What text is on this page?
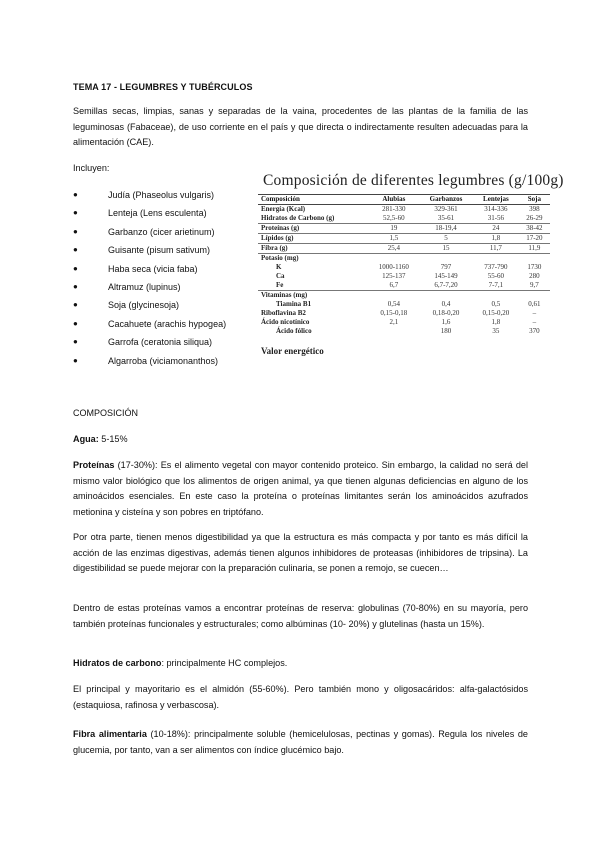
TEMA 17 - LEGUMBRES Y TUBÉRCULOS
Semillas secas, limpias, sanas y separadas de la vaina, procedentes de las plantas de la familia de las leguminosas (Fabaceae), de uso corriente en el país y que directa o indirectamente resulten adecuadas para la alimentación (CAE).
Incluyen:
●	Judía (Phaseolus vulgaris)
●	Lenteja (Lens esculenta)
●	Garbanzo (cicer arietinum)
●	Guisante (pisum sativum)
●	Haba seca (vicia faba)
●	Altramuz (lupinus)
●	Soja (glycinesoja)
●	Cacahuete (arachis hypogea)
●	Garrofa (ceratonia siliqua)
●	Algarroba (viciamonanthos)
Composición de diferentes legumbres (g/100g)
Composición	Alubias	Garbanzos	Lentejas	Soja
Energía (Kcal)	281-330	329-361	314-336	398
Hidratos de Carbono (g)	52,5-60	35-61	31-56	26-29
Proteínas (g)	19	18-19,4	24	38-42
Lípidos (g)	1,5	5	1,8	17-20
Fibra (g)	25,4	15	11,7	11,9
Potasio (mg)				
K	1000-1160	797	737-790	1730
Ca	125-137	145-149	55-60	280
Fe	6,7	6,7-7,20	7-7,1	9,7
Vitaminas (mg)				
Tiamina B1	0,54	0,4	0,5	0,61
Riboflavina B2	0,15-0,18	0,18-0,20	0,15-0,20	–
Ácido nicotínico	2,1	1,6	1,8	–
Ácido fólico		180	35	370
Valor energético
COMPOSICIÓN
Agua: 5-15%
Proteínas (17-30%): Es el alimento vegetal con mayor contenido proteico. Sin embargo, la calidad no será del mismo valor biológico que los alimentos de origen animal, ya que tienen algunas deficiencias en alguno de los aminoácidos esenciales. En este caso la proteína o proteínas limitantes serán los aminoácidos azufrados metionina y cisteína y son pobres en triptófano.
Por otra parte, tienen menos digestibilidad ya que la estructura es más compacta y por tanto es más difícil la acción de las enzimas digestivas, además tienen algunos inhibidores de proteasas (inhibidores de tripsina). La digestibilidad se puede mejorar con la preparación culinaria, se ponen a remojo, se cuecen…
Dentro de estas proteínas vamos a encontrar proteínas de reserva: globulinas (70-80%) en su mayoría, pero también proteínas funcionales y estructurales; como albúminas (10- 20%) y glutelinas (hasta un 15%).
Hidratos de carbono: principalmente HC complejos.
El principal y mayoritario es el almidón (55-60%). Pero también mono y oligosacáridos: alfa-galactósidos (estaquiosa, rafinosa y verbascosa).
Fibra alimentaria (10-18%): principalmente soluble (hemicelulosas, pectinas y gomas). Regula los niveles de glucemia, por tanto, van a ser alimentos con índice glucémico bajo.
